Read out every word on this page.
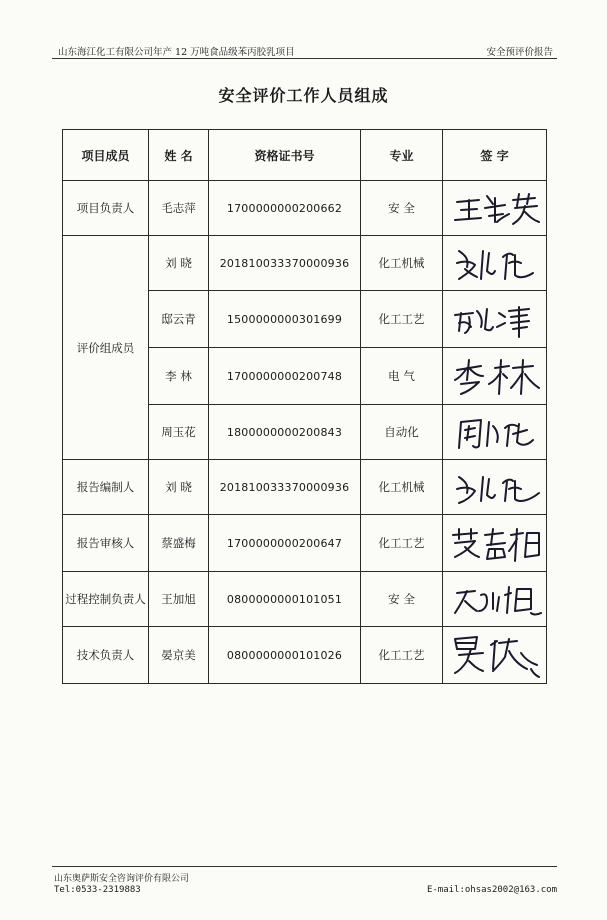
山东海江化工有限公司年产 12 万吨食品级苯丙胶乳项目	安全预评价报告
安全评价工作人员组成
项目成员	姓 名	资格证书号	专业	签 字
项目负责人	毛志萍	1700000000200662	安 全	

评价组成员	刘 晓	201810033370000936	化工机械	

	邸云青	1500000000301699	化工工艺	

	李 林	1700000000200748	电 气	

	周玉花	1800000000200843	自动化	

报告编制人	刘 晓	201810033370000936	化工机械	

报告审核人	蔡盛梅	1700000000200647	化工工艺	

过程控制负责人	王加旭	0800000000101051	安 全	

技术负责人	晏京美	0800000000101026	化工工艺	
山东奥萨斯安全咨询评价有限公司
Tel:0533-2319883	E-mail:ohsas2002@163.com
